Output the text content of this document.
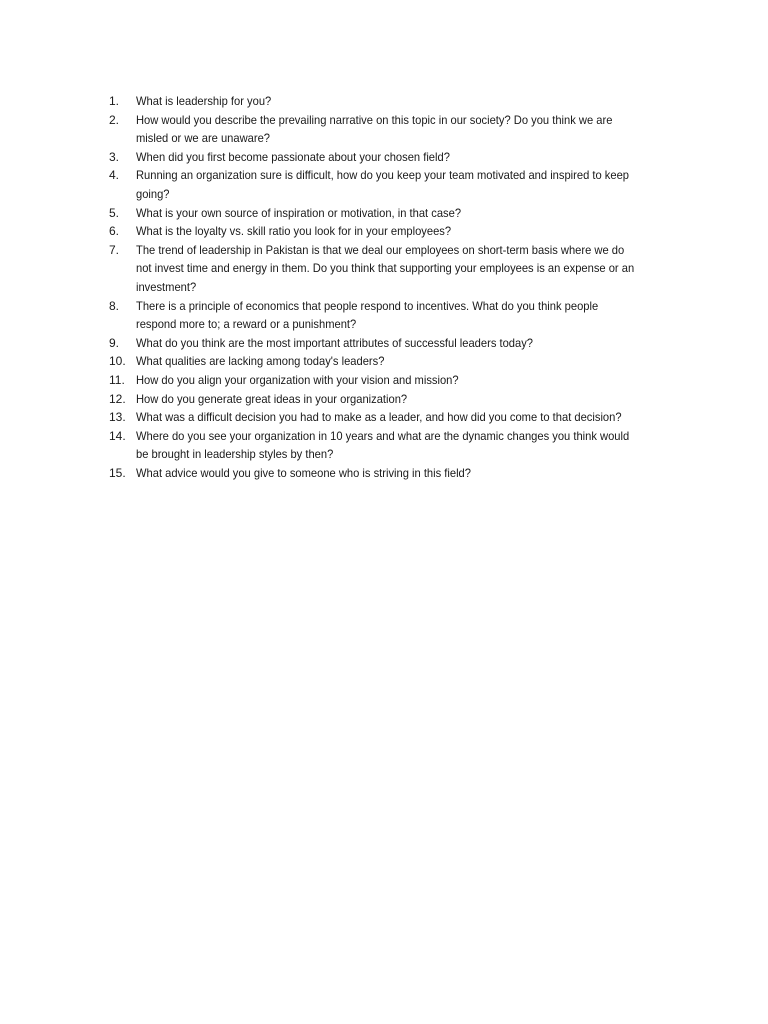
1.	What is leadership for you?
2.	How would you describe the prevailing narrative on this topic in our society? Do you think we are misled or we are unaware?
3.	When did you first become passionate about your chosen field?
4.	Running an organization sure is difficult, how do you keep your team motivated and inspired to keep going?
5.	What is your own source of inspiration or motivation, in that case?
6.	What is the loyalty vs. skill ratio you look for in your employees?
7.	The trend of leadership in Pakistan is that we deal our employees on short-term basis where we do not invest time and energy in them. Do you think that supporting your employees is an expense or an investment?
8.	There is a principle of economics that people respond to incentives. What do you think people respond more to; a reward or a punishment?
9.	What do you think are the most important attributes of successful leaders today?
10. What qualities are lacking among today's leaders?
11. How do you align your organization with your vision and mission?
12. How do you generate great ideas in your organization?
13. What was a difficult decision you had to make as a leader, and how did you come to that decision?
14. Where do you see your organization in 10 years and what are the dynamic changes you think would be brought in leadership styles by then?
15. What advice would you give to someone who is striving in this field?
